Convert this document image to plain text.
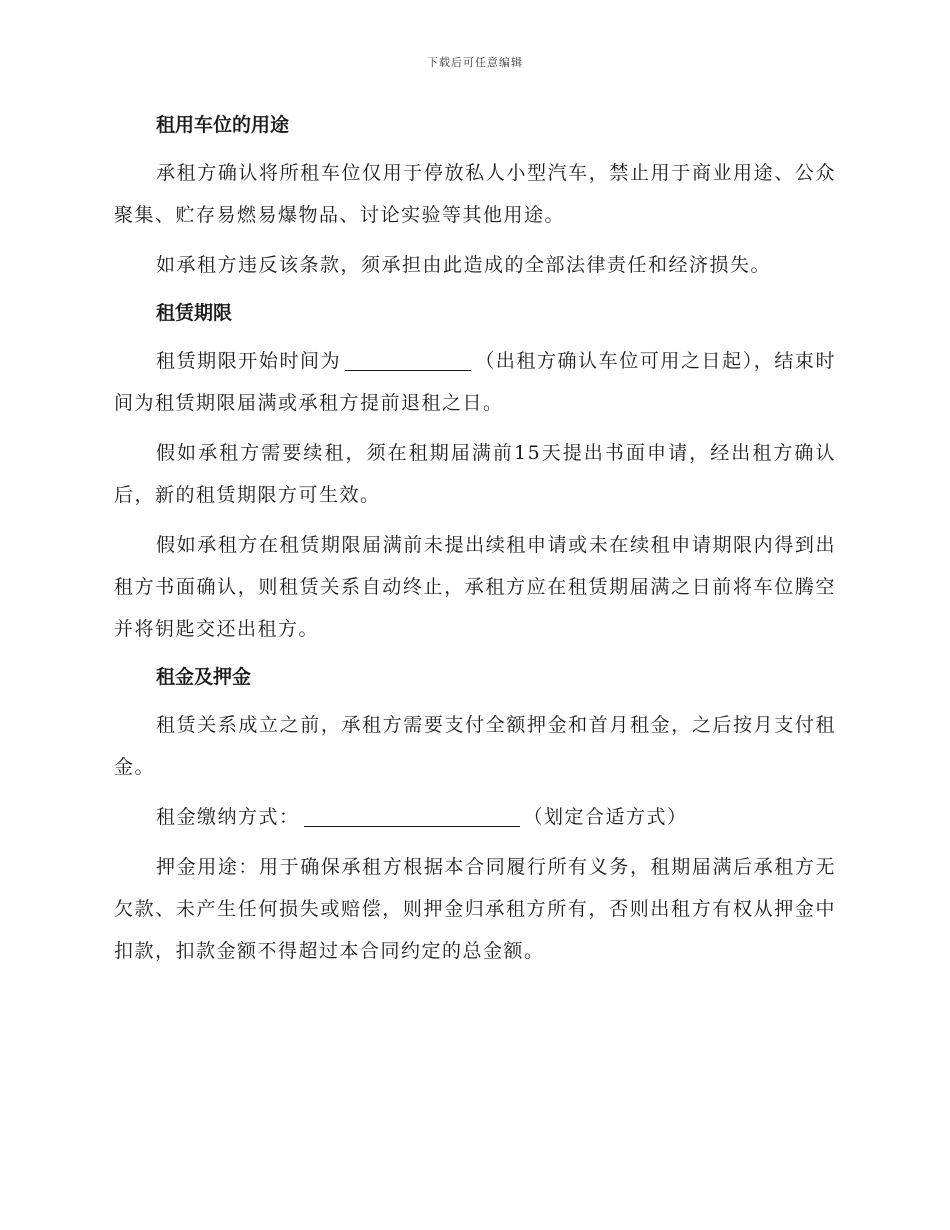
下载后可任意编辑

租用车位的用途

承租方确认将所租车位仅用于停放私人小型汽车，禁止用于商业用途、公众聚集、贮存易燃易爆物品、讨论实验等其他用途。

如承租方违反该条款，须承担由此造成的全部法律责任和经济损失。

租赁期限

租赁期限开始时间为	（出租方确认车位可用之日起），结束时间为租赁期限届满或承租方提前退租之日。

假如承租方需要续租，须在租期届满前15天提出书面申请，经出租方确认后，新的租赁期限方可生效。

假如承租方在租赁期限届满前未提出续租申请或未在续租申请期限内得到出租方书面确认，则租赁关系自动终止，承租方应在租赁期届满之日前将车位腾空并将钥匙交还出租方。

租金及押金

租赁关系成立之前，承租方需要支付全额押金和首月租金，之后按月支付租金。

租金缴纳方式：	（划定合适方式）

押金用途：用于确保承租方根据本合同履行所有义务，租期届满后承租方无欠款、未产生任何损失或赔偿，则押金归承租方所有，否则出租方有权从押金中扣款，扣款金额不得超过本合同约定的总金额。
